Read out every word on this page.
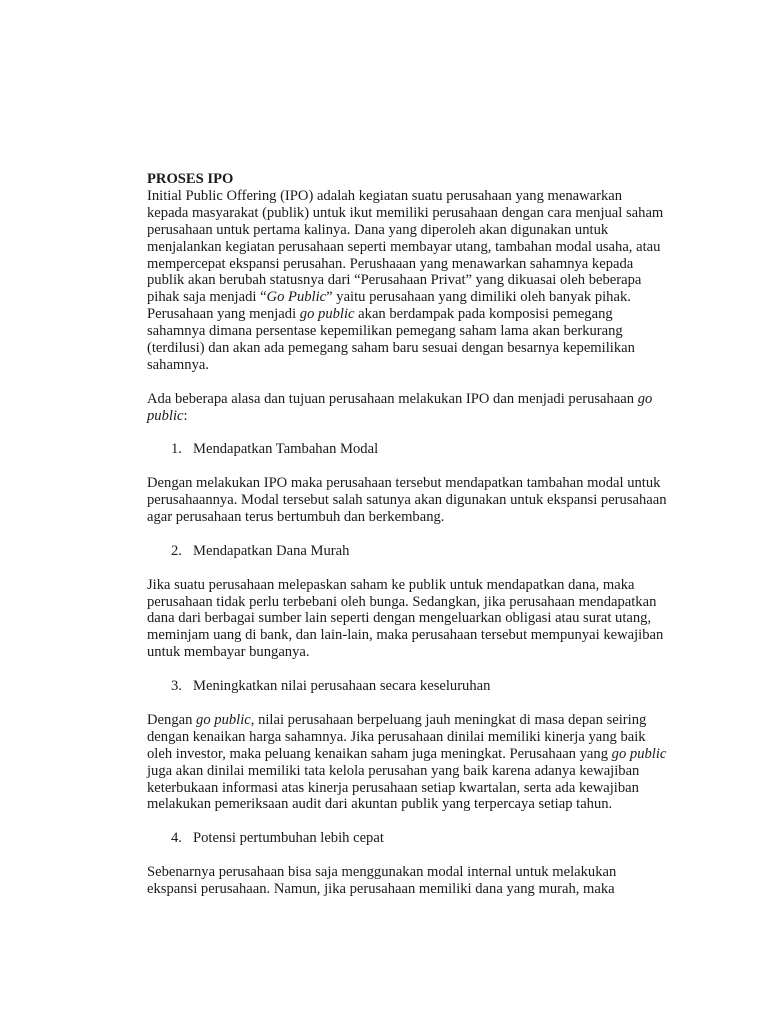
PROSES IPO

Initial Public Offering (IPO) adalah kegiatan suatu perusahaan yang menawarkan kepada masyarakat (publik) untuk ikut memiliki perusahaan dengan cara menjual saham perusahaan untuk pertama kalinya. Dana yang diperoleh akan digunakan untuk menjalankan kegiatan perusahaan seperti membayar utang, tambahan modal usaha, atau mempercepat ekspansi perusahan. Perushaaan yang menawarkan sahamnya kepada publik akan berubah statusnya dari “Perusahaan Privat” yang dikuasai oleh beberapa pihak saja menjadi “Go Public” yaitu perusahaan yang dimiliki oleh banyak pihak. Perusahaan yang menjadi go public akan berdampak pada komposisi pemegang sahamnya dimana persentase kepemilikan pemegang saham lama akan berkurang (terdilusi) dan akan ada pemegang saham baru sesuai dengan besarnya kepemilikan sahamnya.

Ada beberapa alasa dan tujuan perusahaan melakukan IPO dan menjadi perusahaan go public:

1. Mendapatkan Tambahan Modal

Dengan melakukan IPO maka perusahaan tersebut mendapatkan tambahan modal untuk perusahaannya. Modal tersebut salah satunya akan digunakan untuk ekspansi perusahaan agar perusahaan terus bertumbuh dan berkembang.

2. Mendapatkan Dana Murah

Jika suatu perusahaan melepaskan saham ke publik untuk mendapatkan dana, maka perusahaan tidak perlu terbebani oleh bunga. Sedangkan, jika perusahaan mendapatkan dana dari berbagai sumber lain seperti dengan mengeluarkan obligasi atau surat utang, meminjam uang di bank, dan lain-lain, maka perusahaan tersebut mempunyai kewajiban untuk membayar bunganya.

3. Meningkatkan nilai perusahaan secara keseluruhan

Dengan go public, nilai perusahaan berpeluang jauh meningkat di masa depan seiring dengan kenaikan harga sahamnya. Jika perusahaan dinilai memiliki kinerja yang baik oleh investor, maka peluang kenaikan saham juga meningkat. Perusahaan yang go public juga akan dinilai memiliki tata kelola perusahan yang baik karena adanya kewajiban keterbukaan informasi atas kinerja perusahaan setiap kwartalan, serta ada kewajiban melakukan pemeriksaan audit dari akuntan publik yang terpercaya setiap tahun.

4. Potensi pertumbuhan lebih cepat

Sebenarnya perusahaan bisa saja menggunakan modal internal untuk melakukan ekspansi perusahaan. Namun, jika perusahaan memiliki dana yang murah, maka
